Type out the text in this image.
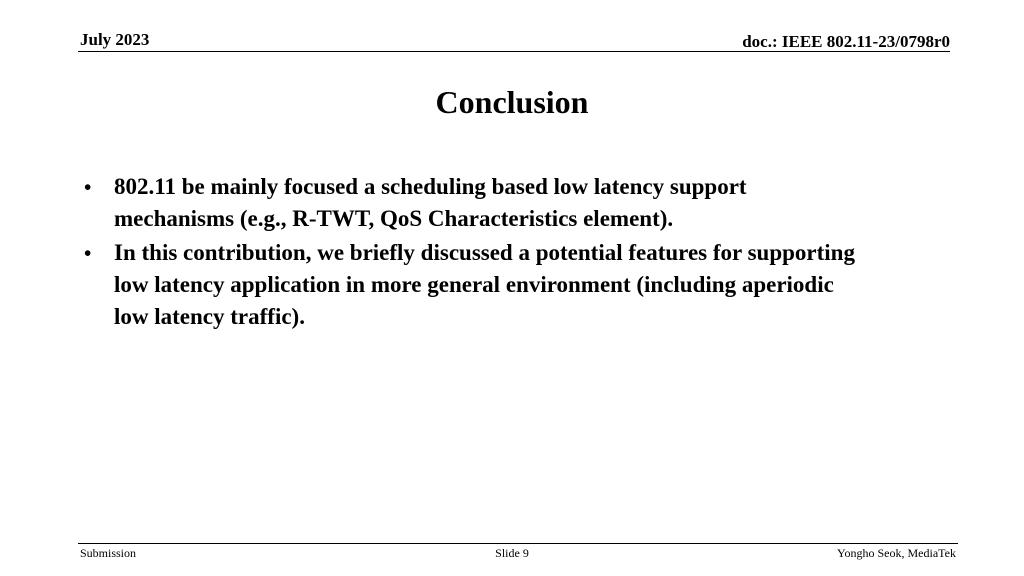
July 2023	doc.: IEEE 802.11-23/0798r0
Conclusion
• 802.11 be mainly focused a scheduling based low latency support
mechanisms (e.g., R-TWT, QoS Characteristics element).
• In this contribution, we briefly discussed a potential features for supporting
low latency application in more general environment (including aperiodic
low latency traffic).
Submission	Slide 9	Yongho Seok, MediaTek
